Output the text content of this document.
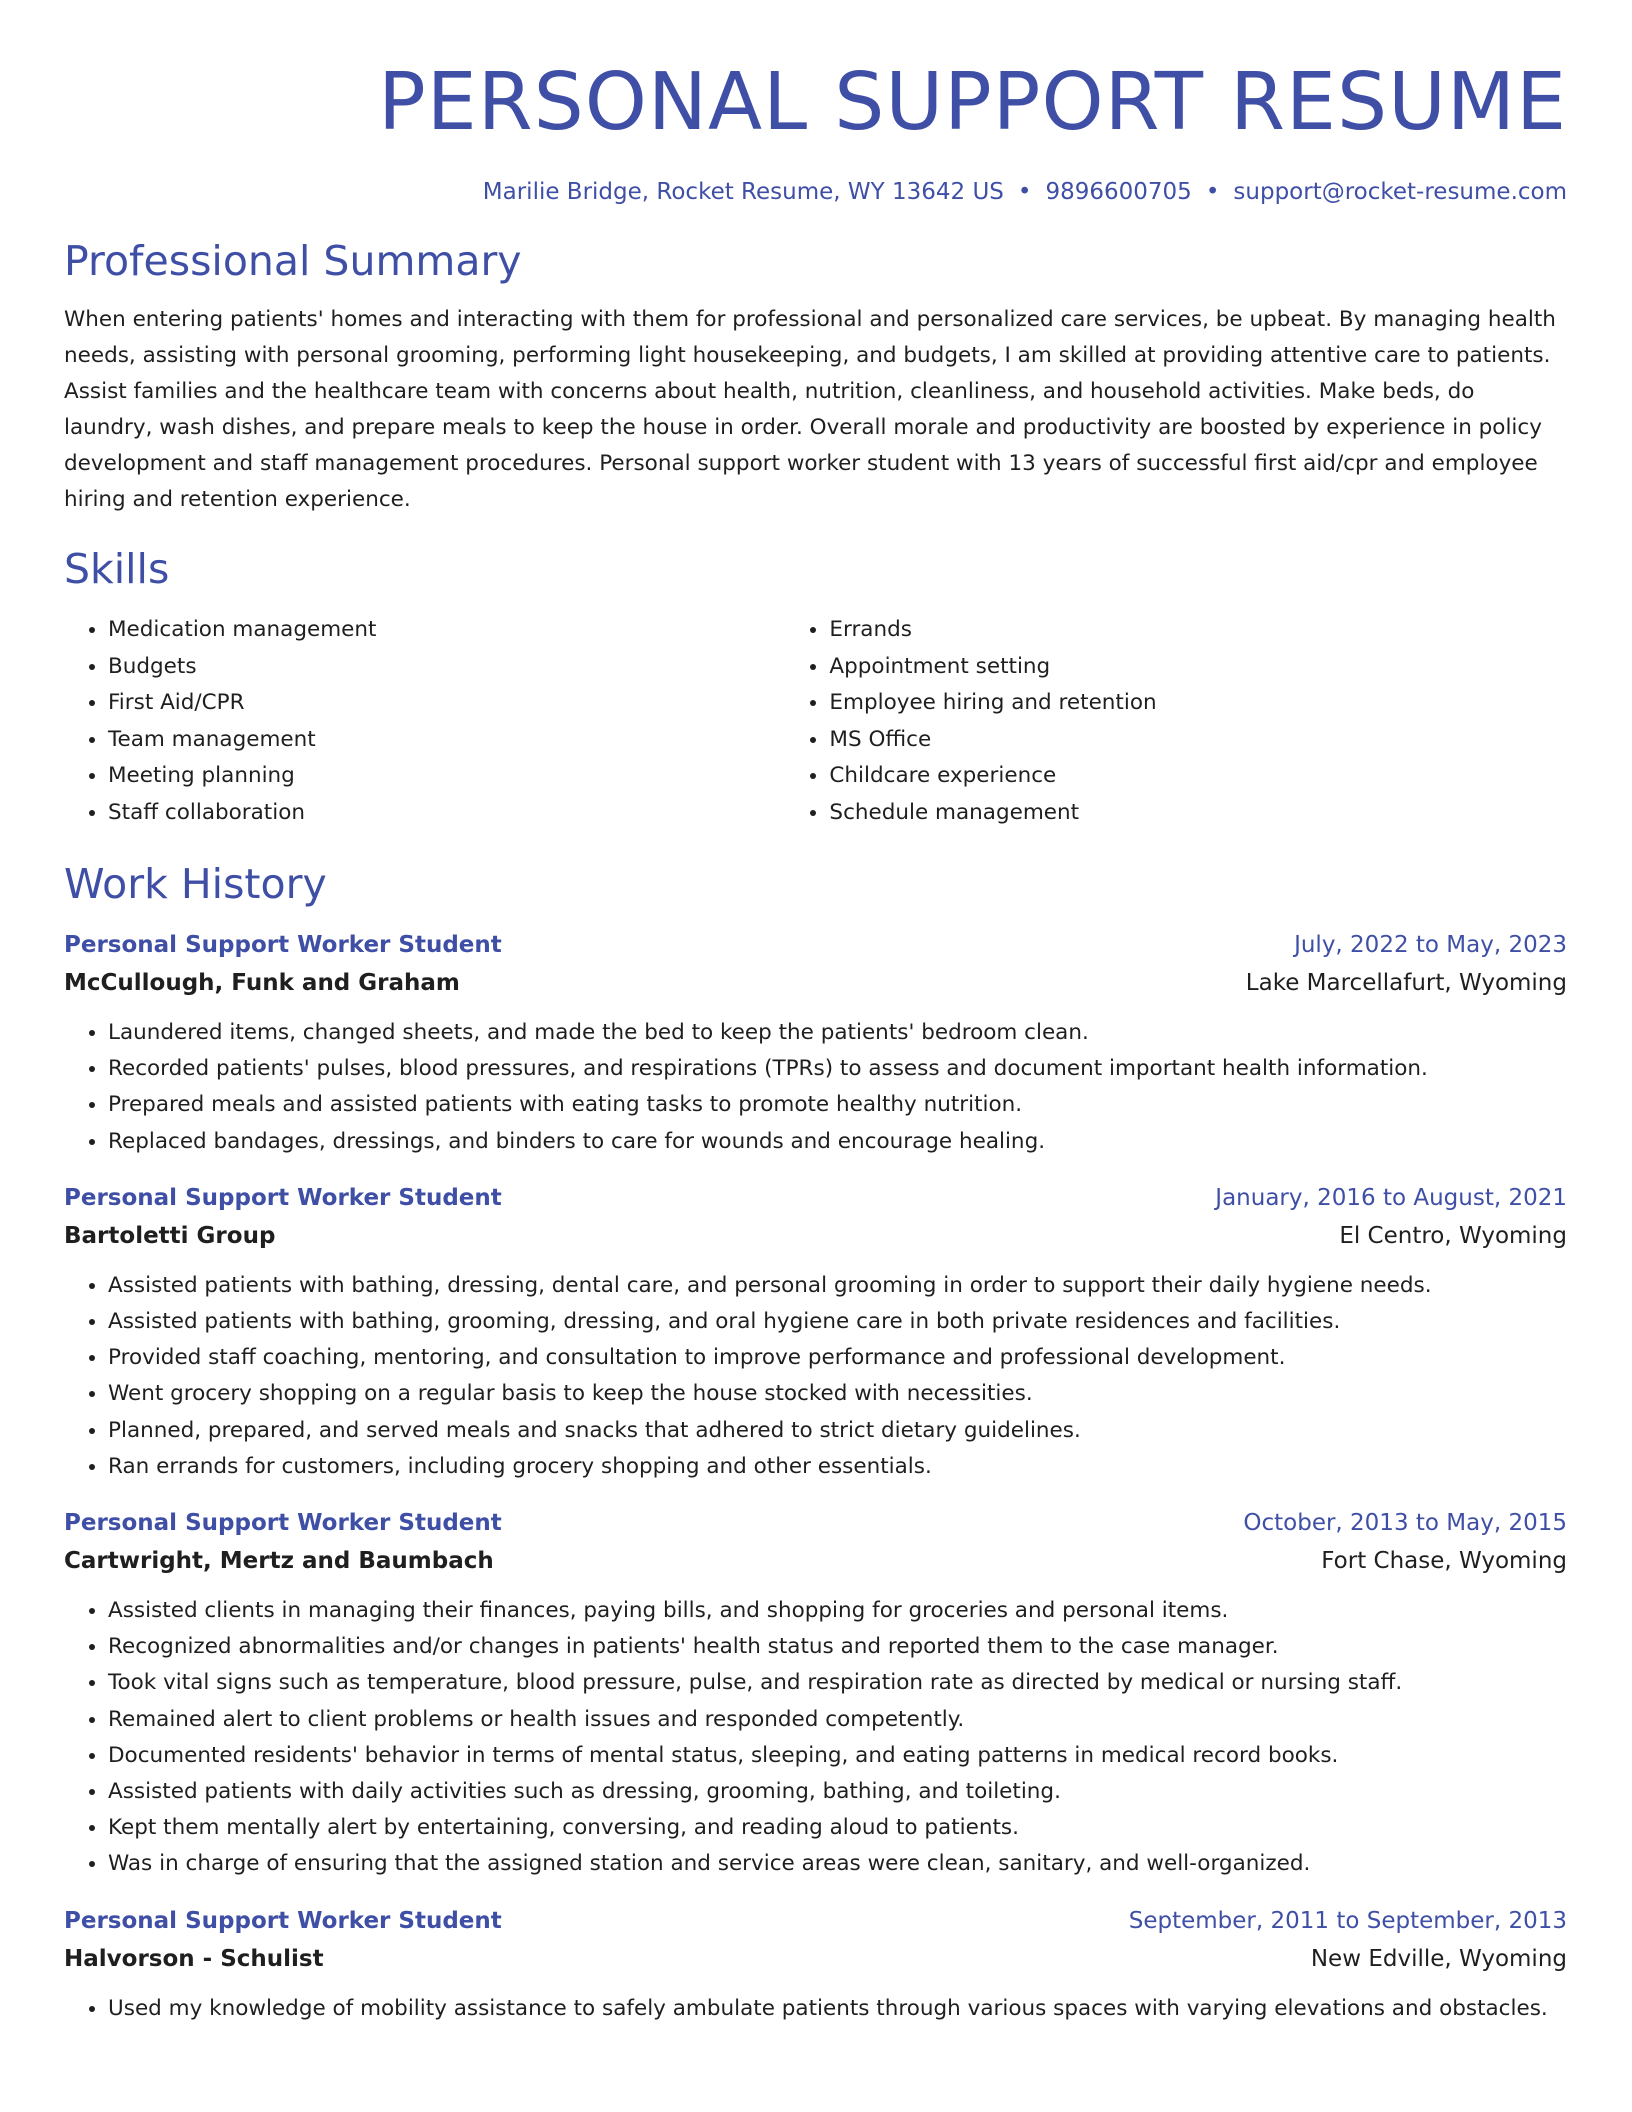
PERSONAL SUPPORT RESUME
Marilie Bridge, Rocket Resume, WY 13642 US • 9896600705 • support@rocket-resume.com
Professional Summary
When entering patients' homes and interacting with them for professional and personalized care services, be upbeat. By managing health needs, assisting with personal grooming, performing light housekeeping, and budgets, I am skilled at providing attentive care to patients. Assist families and the healthcare team with concerns about health, nutrition, cleanliness, and household activities. Make beds, do laundry, wash dishes, and prepare meals to keep the house in order. Overall morale and productivity are boosted by experience in policy development and staff management procedures. Personal support worker student with 13 years of successful first aid/cpr and employee hiring and retention experience.
Skills
• Medication management
• Budgets
• First Aid/CPR
• Team management
• Meeting planning
• Staff collaboration
• Errands
• Appointment setting
• Employee hiring and retention
• MS Office
• Childcare experience
• Schedule management
Work History
Personal Support Worker Student	July, 2022 to May, 2023
McCullough, Funk and Graham	Lake Marcellafurt, Wyoming
• Laundered items, changed sheets, and made the bed to keep the patients' bedroom clean.
• Recorded patients' pulses, blood pressures, and respirations (TPRs) to assess and document important health information.
• Prepared meals and assisted patients with eating tasks to promote healthy nutrition.
• Replaced bandages, dressings, and binders to care for wounds and encourage healing.
Personal Support Worker Student	January, 2016 to August, 2021
Bartoletti Group	El Centro, Wyoming
• Assisted patients with bathing, dressing, dental care, and personal grooming in order to support their daily hygiene needs.
• Assisted patients with bathing, grooming, dressing, and oral hygiene care in both private residences and facilities.
• Provided staff coaching, mentoring, and consultation to improve performance and professional development.
• Went grocery shopping on a regular basis to keep the house stocked with necessities.
• Planned, prepared, and served meals and snacks that adhered to strict dietary guidelines.
• Ran errands for customers, including grocery shopping and other essentials.
Personal Support Worker Student	October, 2013 to May, 2015
Cartwright, Mertz and Baumbach	Fort Chase, Wyoming
• Assisted clients in managing their finances, paying bills, and shopping for groceries and personal items.
• Recognized abnormalities and/or changes in patients' health status and reported them to the case manager.
• Took vital signs such as temperature, blood pressure, pulse, and respiration rate as directed by medical or nursing staff.
• Remained alert to client problems or health issues and responded competently.
• Documented residents' behavior in terms of mental status, sleeping, and eating patterns in medical record books.
• Assisted patients with daily activities such as dressing, grooming, bathing, and toileting.
• Kept them mentally alert by entertaining, conversing, and reading aloud to patients.
• Was in charge of ensuring that the assigned station and service areas were clean, sanitary, and well-organized.
Personal Support Worker Student	September, 2011 to September, 2013
Halvorson - Schulist	New Edville, Wyoming
• Used my knowledge of mobility assistance to safely ambulate patients through various spaces with varying elevations and obstacles.
